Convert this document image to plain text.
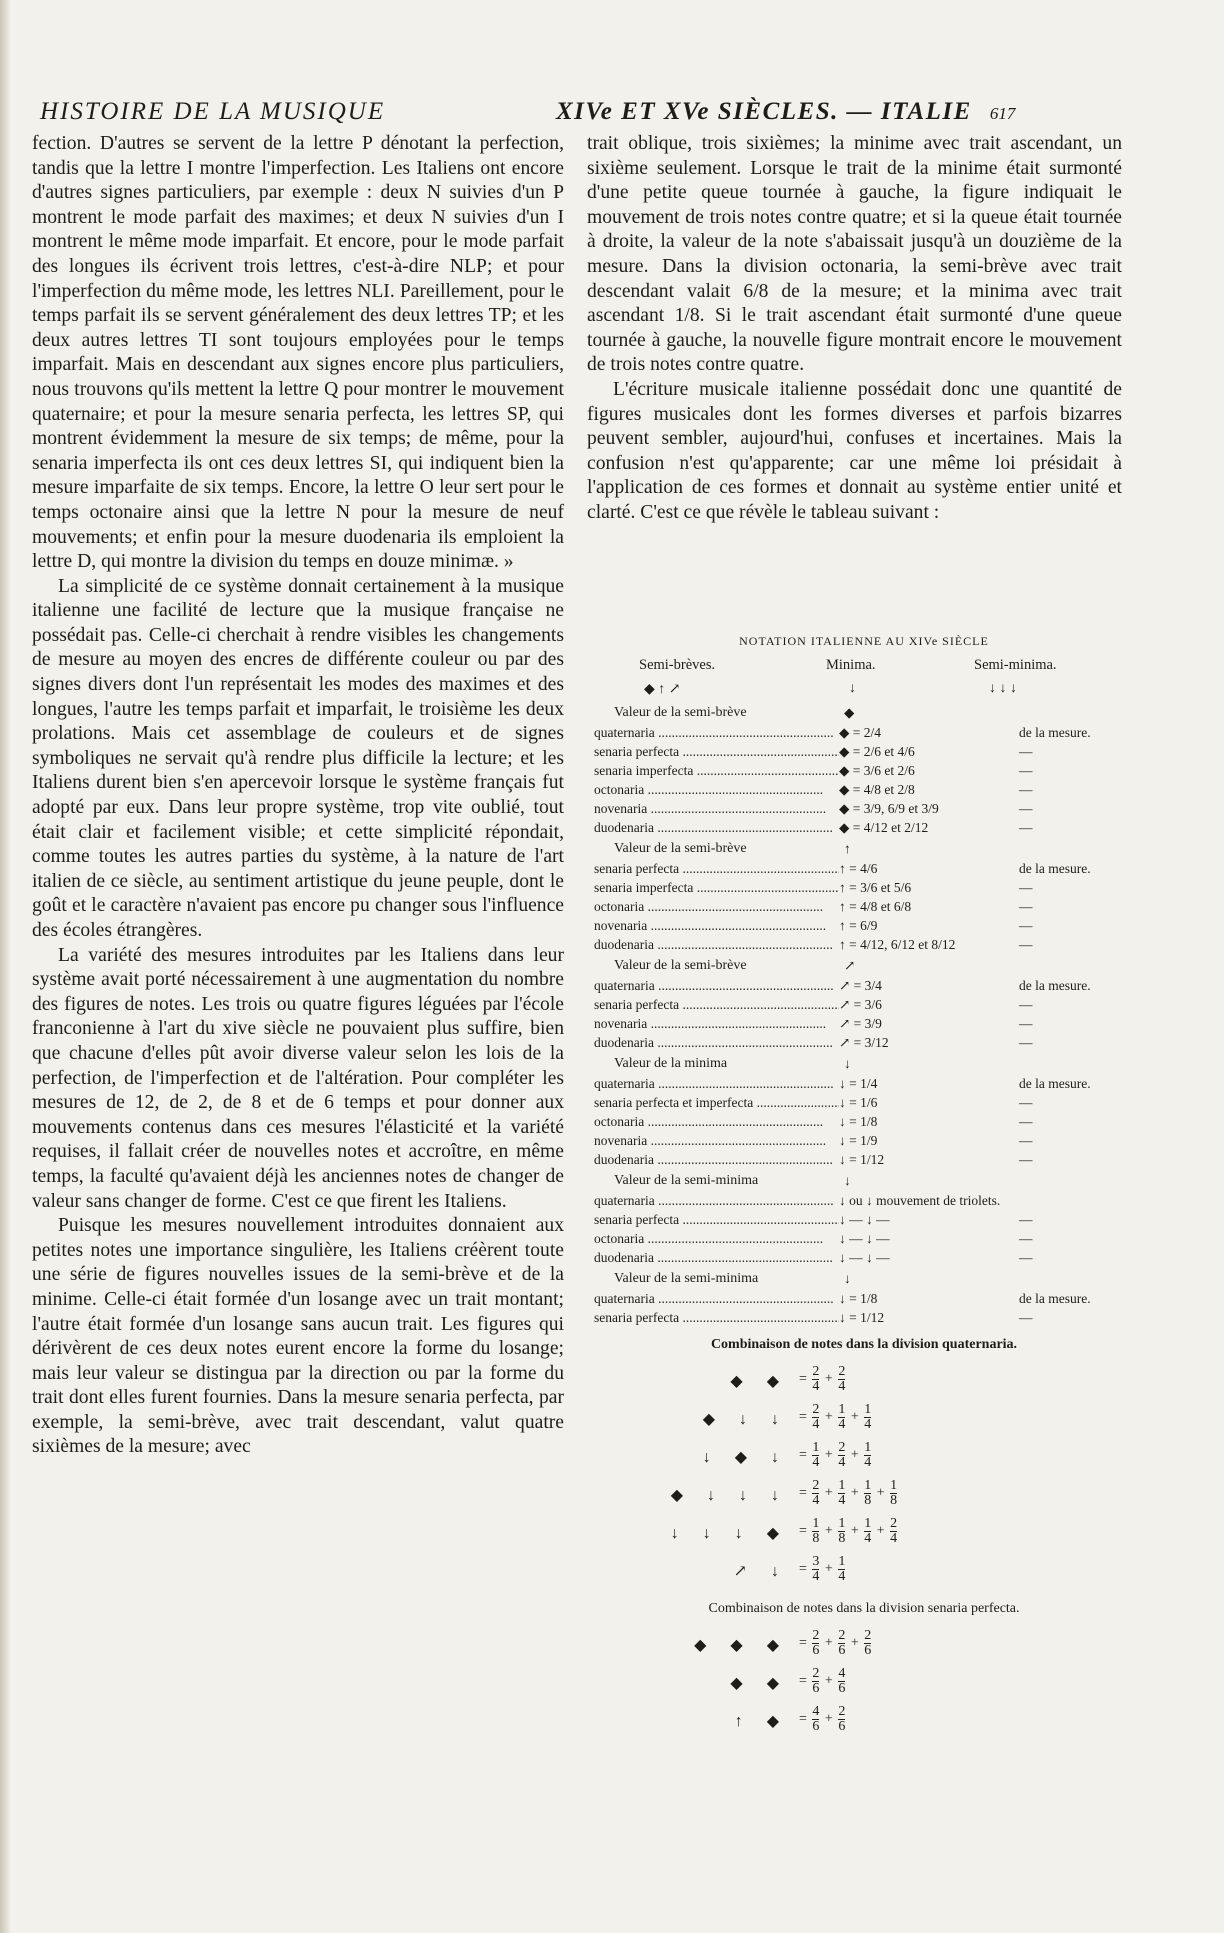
HISTOIRE DE LA MUSIQUE	XIVe ET XVe SIÈCLES. — ITALIE 617

fection. D'autres se servent de la lettre P dénotant la perfection, tandis que la lettre I montre l'imperfection. Les Italiens ont encore d'autres signes particuliers, par exemple : deux N suivies d'un P montrent le mode parfait des maximes; et deux N suivies d'un I montrent le même mode imparfait. Et encore, pour le mode parfait des longues ils écrivent trois lettres, c'est-à-dire NLP; et pour l'imperfection du même mode, les lettres NLI. Pareillement, pour le temps parfait ils se servent généralement des deux lettres TP; et les deux autres lettres TI sont toujours employées pour le temps imparfait. Mais en descendant aux signes encore plus particuliers, nous trouvons qu'ils mettent la lettre Q pour montrer le mouvement quaternaire; et pour la mesure senaria perfecta, les lettres SP, qui montrent évidemment la mesure de six temps; de même, pour la senaria imperfecta ils ont ces deux lettres SI, qui indiquent bien la mesure imparfaite de six temps. Encore, la lettre O leur sert pour le temps octonaire ainsi que la lettre N pour la mesure de neuf mouvements; et enfin pour la mesure duodenaria ils emploient la lettre D, qui montre la division du temps en douze minimæ. »

La simplicité de ce système donnait certainement à la musique italienne une facilité de lecture que la musique française ne possédait pas. Celle-ci cherchait à rendre visibles les changements de mesure au moyen des encres de différente couleur ou par des signes divers dont l'un représentait les modes des maximes et des longues, l'autre les temps parfait et imparfait, le troisième les deux prolations. Mais cet assemblage de couleurs et de signes symboliques ne servait qu'à rendre plus difficile la lecture; et les Italiens durent bien s'en apercevoir lorsque le système français fut adopté par eux. Dans leur propre système, trop vite oublié, tout était clair et facilement visible; et cette simplicité répondait, comme toutes les autres parties du système, à la nature de l'art italien de ce siècle, au sentiment artistique du jeune peuple, dont le goût et le caractère n'avaient pas encore pu changer sous l'influence des écoles étrangères.

La variété des mesures introduites par les Italiens dans leur système avait porté nécessairement à une augmentation du nombre des figures de notes. Les trois ou quatre figures léguées par l'école franconienne à l'art du xive siècle ne pouvaient plus suffire, bien que chacune d'elles pût avoir diverse valeur selon les lois de la perfection, de l'imperfection et de l'altération. Pour compléter les mesures de 12, de 2, de 8 et de 6 temps et pour donner aux mouvements contenus dans ces mesures l'élasticité et la variété requises, il fallait créer de nouvelles notes et accroître, en même temps, la faculté qu'avaient déjà les anciennes notes de changer de valeur sans changer de forme. C'est ce que firent les Italiens.

Puisque les mesures nouvellement introduites donnaient aux petites notes une importance singulière, les Italiens créèrent toute une série de figures nouvelles issues de la semi-brève et de la minime. Celle-ci était formée d'un losange avec un trait montant; l'autre était formée d'un losange sans aucun trait. Les figures qui dérivèrent de ces deux notes eurent encore la forme du losange; mais leur valeur se distingua par la direction ou par la forme du trait dont elles furent fournies. Dans la mesure senaria perfecta, par exemple, la semi-brève, avec trait descendant, valut quatre sixièmes de la mesure; avec

trait oblique, trois sixièmes; la minime avec trait ascendant, un sixième seulement. Lorsque le trait de la minime était surmonté d'une petite queue tournée à gauche, la figure indiquait le mouvement de trois notes contre quatre; et si la queue était tournée à droite, la valeur de la note s'abaissait jusqu'à un douzième de la mesure. Dans la division octonaria, la semi-brève avec trait descendant valait 6/8 de la mesure; et la minima avec trait ascendant 1/8. Si le trait ascendant était surmonté d'une queue tournée à gauche, la nouvelle figure montrait encore le mouvement de trois notes contre quatre.

L'écriture musicale italienne possédait donc une quantité de figures musicales dont les formes diverses et parfois bizarres peuvent sembler, aujourd'hui, confuses et incertaines. Mais la confusion n'est qu'apparente; car une même loi présidait à l'application de ces formes et donnait au système entier unité et clarté. C'est ce que révèle le tableau suivant :

NOTATION ITALIENNE AU XIVe SIÈCLE
Semi-brèves.	Minima.	Semi-minima.
◆ ↑ ↗	↓	↓ ↓ ↓
Valeur de la semi-brève	◆
quaternaria .....	◆ = 2/4	de la mesure.
senaria perfecta .....	◆ = 2/6 et 4/6	—
senaria imperfecta .....	◆ = 3/6 et 2/6	—
octonaria .....	◆ = 4/8 et 2/8	—
novenaria .....	◆ = 3/9, 6/9 et 3/9	—
duodenaria .....	◆ = 4/12 et 2/12	—
Valeur de la semi-brève	↑
senaria perfecta .....	↑ = 4/6	de la mesure.
senaria imperfecta .....	↑ = 3/6 et 5/6	—
octonaria .....	↑ = 4/8 et 6/8	—
novenaria .....	↑ = 6/9	—
duodenaria .....	↑ = 4/12, 6/12 et 8/12	—
Valeur de la semi-brève	↗
quaternaria .....	↗ = 3/4	de la mesure.
senaria perfecta .....	↗ = 3/6	—
novenaria .....	↗ = 3/9	—
duodenaria .....	↗ = 3/12	—
Valeur de la minima	↓
quaternaria .....	↓ = 1/4	de la mesure.
senaria perfecta et imperfecta .....	↓ = 1/6	—
octonaria .....	↓ = 1/8	—
novenaria .....	↓ = 1/9	—
duodenaria .....	↓ = 1/12	—
Valeur de la semi-minima	↓
quaternaria .....	↓ ou ↓ mouvement de triolets.
senaria perfecta .....	↓ — ↓ —	—
octonaria .....	↓ — ↓ —	—
duodenaria .....	↓ — ↓ —	—
Valeur de la semi-minima	↓
quaternaria .....	↓ = 1/8	de la mesure.
senaria perfecta .....	↓ = 1/12	—
Combinaison de notes dans la division quaternaria.
◆ ◆ = $\frac{2}{4} + \frac{2}{4}$
◆ ↓ ↓ = $\frac{2}{4} + \frac{1}{4} + \frac{1}{4}$
↓ ◆ ↓ = $\frac{1}{4} + \frac{2}{4} + \frac{1}{4}$
◆ ↓ ↓ ↓ = $\frac{2}{4} + \frac{1}{4} + \frac{1}{8} + \frac{1}{8}$
↓ ↓ ↓ ◆ = $\frac{1}{8} + \frac{1}{8} + \frac{1}{4} + \frac{2}{4}$
↗ ↓ = $\frac{3}{4} + \frac{1}{4}$
Combinaison de notes dans la division senaria perfecta.
◆ ◆ ◆ = $\frac{2}{6} + \frac{2}{6} + \frac{2}{6}$
◆ ◆ = $\frac{2}{6} + \frac{4}{6}$
↑ ◆ = $\frac{4}{6} + \frac{2}{6}$
